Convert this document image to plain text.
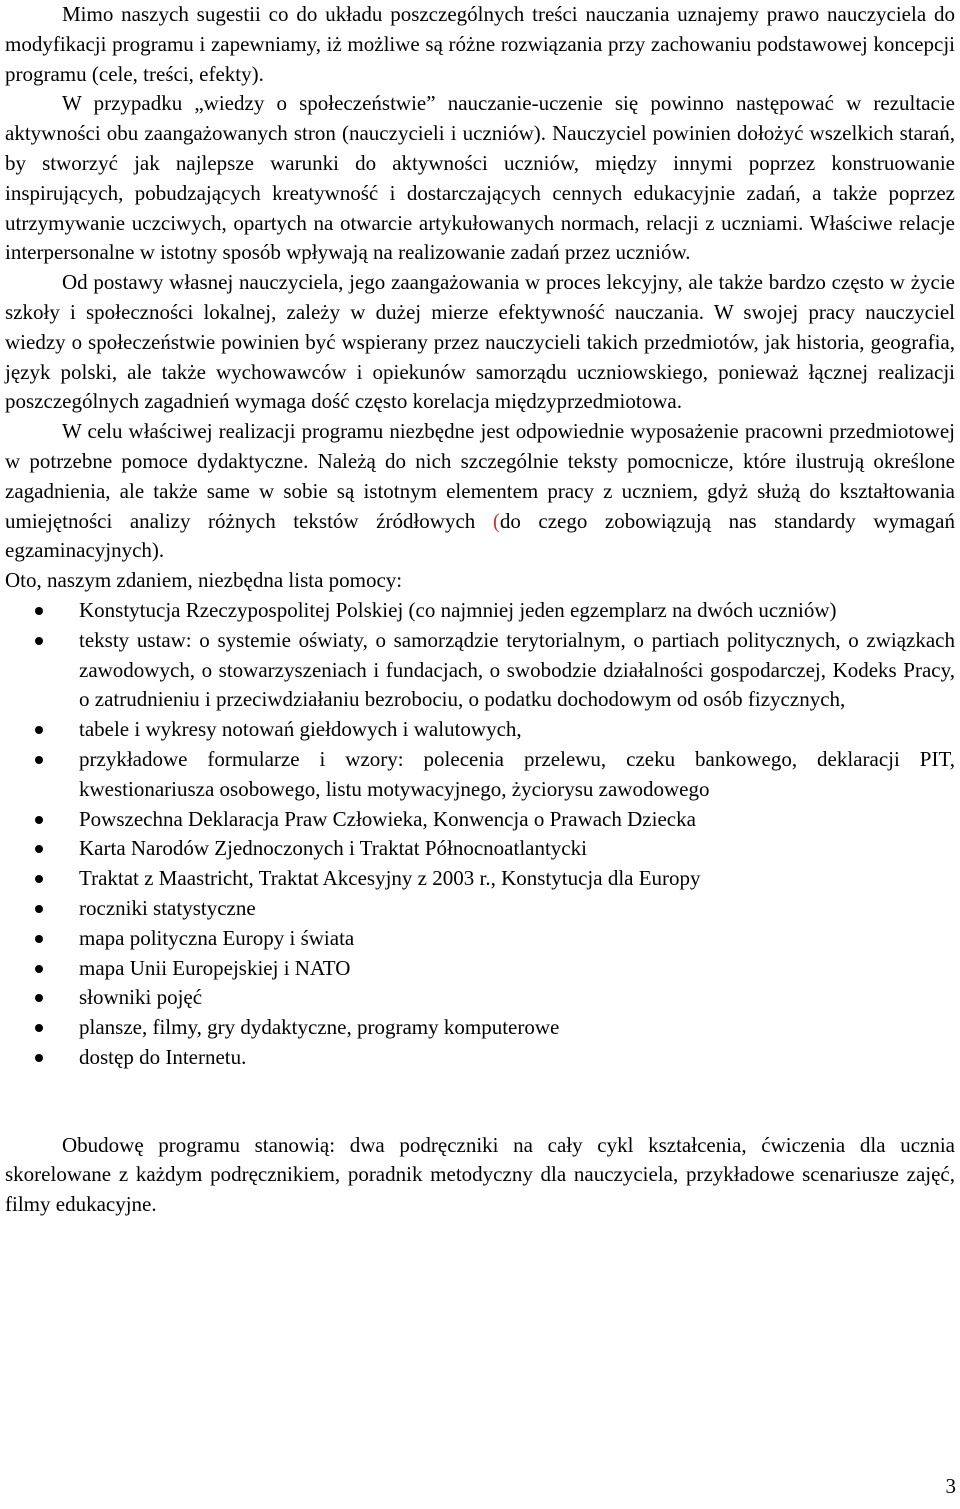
Mimo naszych sugestii co do układu poszczególnych treści nauczania uznajemy prawo nauczyciela do modyfikacji programu i zapewniamy, iż możliwe są różne rozwiązania przy zachowaniu podstawowej koncepcji programu (cele, treści, efekty).

W przypadku „wiedzy o społeczeństwie” nauczanie-uczenie się powinno następować w rezultacie aktywności obu zaangażowanych stron (nauczycieli i uczniów). Nauczyciel powinien dołożyć wszelkich starań, by stworzyć jak najlepsze warunki do aktywności uczniów, między innymi poprzez konstruowanie inspirujących, pobudzających kreatywność i dostarczających cennych edukacyjnie zadań, a także poprzez utrzymywanie uczciwych, opartych na otwarcie artykułowanych normach, relacji z uczniami. Właściwe relacje interpersonalne w istotny sposób wpływają na realizowanie zadań przez uczniów.

Od postawy własnej nauczyciela, jego zaangażowania w proces lekcyjny, ale także bardzo często w życie szkoły i społeczności lokalnej, zależy w dużej mierze efektywność nauczania. W swojej pracy nauczyciel wiedzy o społeczeństwie powinien być wspierany przez nauczycieli takich przedmiotów, jak historia, geografia, język polski, ale także wychowawców i opiekunów samorządu uczniowskiego, ponieważ łącznej realizacji poszczególnych zagadnień wymaga dość często korelacja międzyprzedmiotowa.

W celu właściwej realizacji programu niezbędne jest odpowiednie wyposażenie pracowni przedmiotowej w potrzebne pomoce dydaktyczne. Należą do nich szczególnie teksty pomocnicze, które ilustrują określone zagadnienia, ale także same w sobie są istotnym elementem pracy z uczniem, gdyż służą do kształtowania umiejętności analizy różnych tekstów źródłowych (do czego zobowiązują nas standardy wymagań egzaminacyjnych).

Oto, naszym zdaniem, niezbędna lista pomocy:

Konstytucja Rzeczypospolitej Polskiej (co najmniej jeden egzemplarz na dwóch uczniów)
teksty ustaw: o systemie oświaty, o samorządzie terytorialnym, o partiach politycznych, o związkach zawodowych, o stowarzyszeniach i fundacjach, o swobodzie działalności gospodarczej, Kodeks Pracy, o zatrudnieniu i przeciwdziałaniu bezrobociu, o podatku dochodowym od osób fizycznych,
tabele i wykresy notowań giełdowych i walutowych,
przykładowe formularze i wzory: polecenia przelewu, czeku bankowego, deklaracji PIT, kwestionariusza osobowego, listu motywacyjnego, życiorysu zawodowego
Powszechna Deklaracja Praw Człowieka, Konwencja o Prawach Dziecka
Karta Narodów Zjednoczonych i Traktat Północnoatlantycki
Traktat z Maastricht, Traktat Akcesyjny z 2003 r., Konstytucja dla Europy
roczniki statystyczne
mapa polityczna Europy i świata
mapa Unii Europejskiej i NATO
słowniki pojęć
plansze, filmy, gry dydaktyczne, programy komputerowe
dostęp do Internetu.

Obudowę programu stanowią: dwa podręczniki na cały cykl kształcenia, ćwiczenia dla ucznia skorelowane z każdym podręcznikiem, poradnik metodyczny dla nauczyciela, przykładowe scenariusze zajęć, filmy edukacyjne.

3
